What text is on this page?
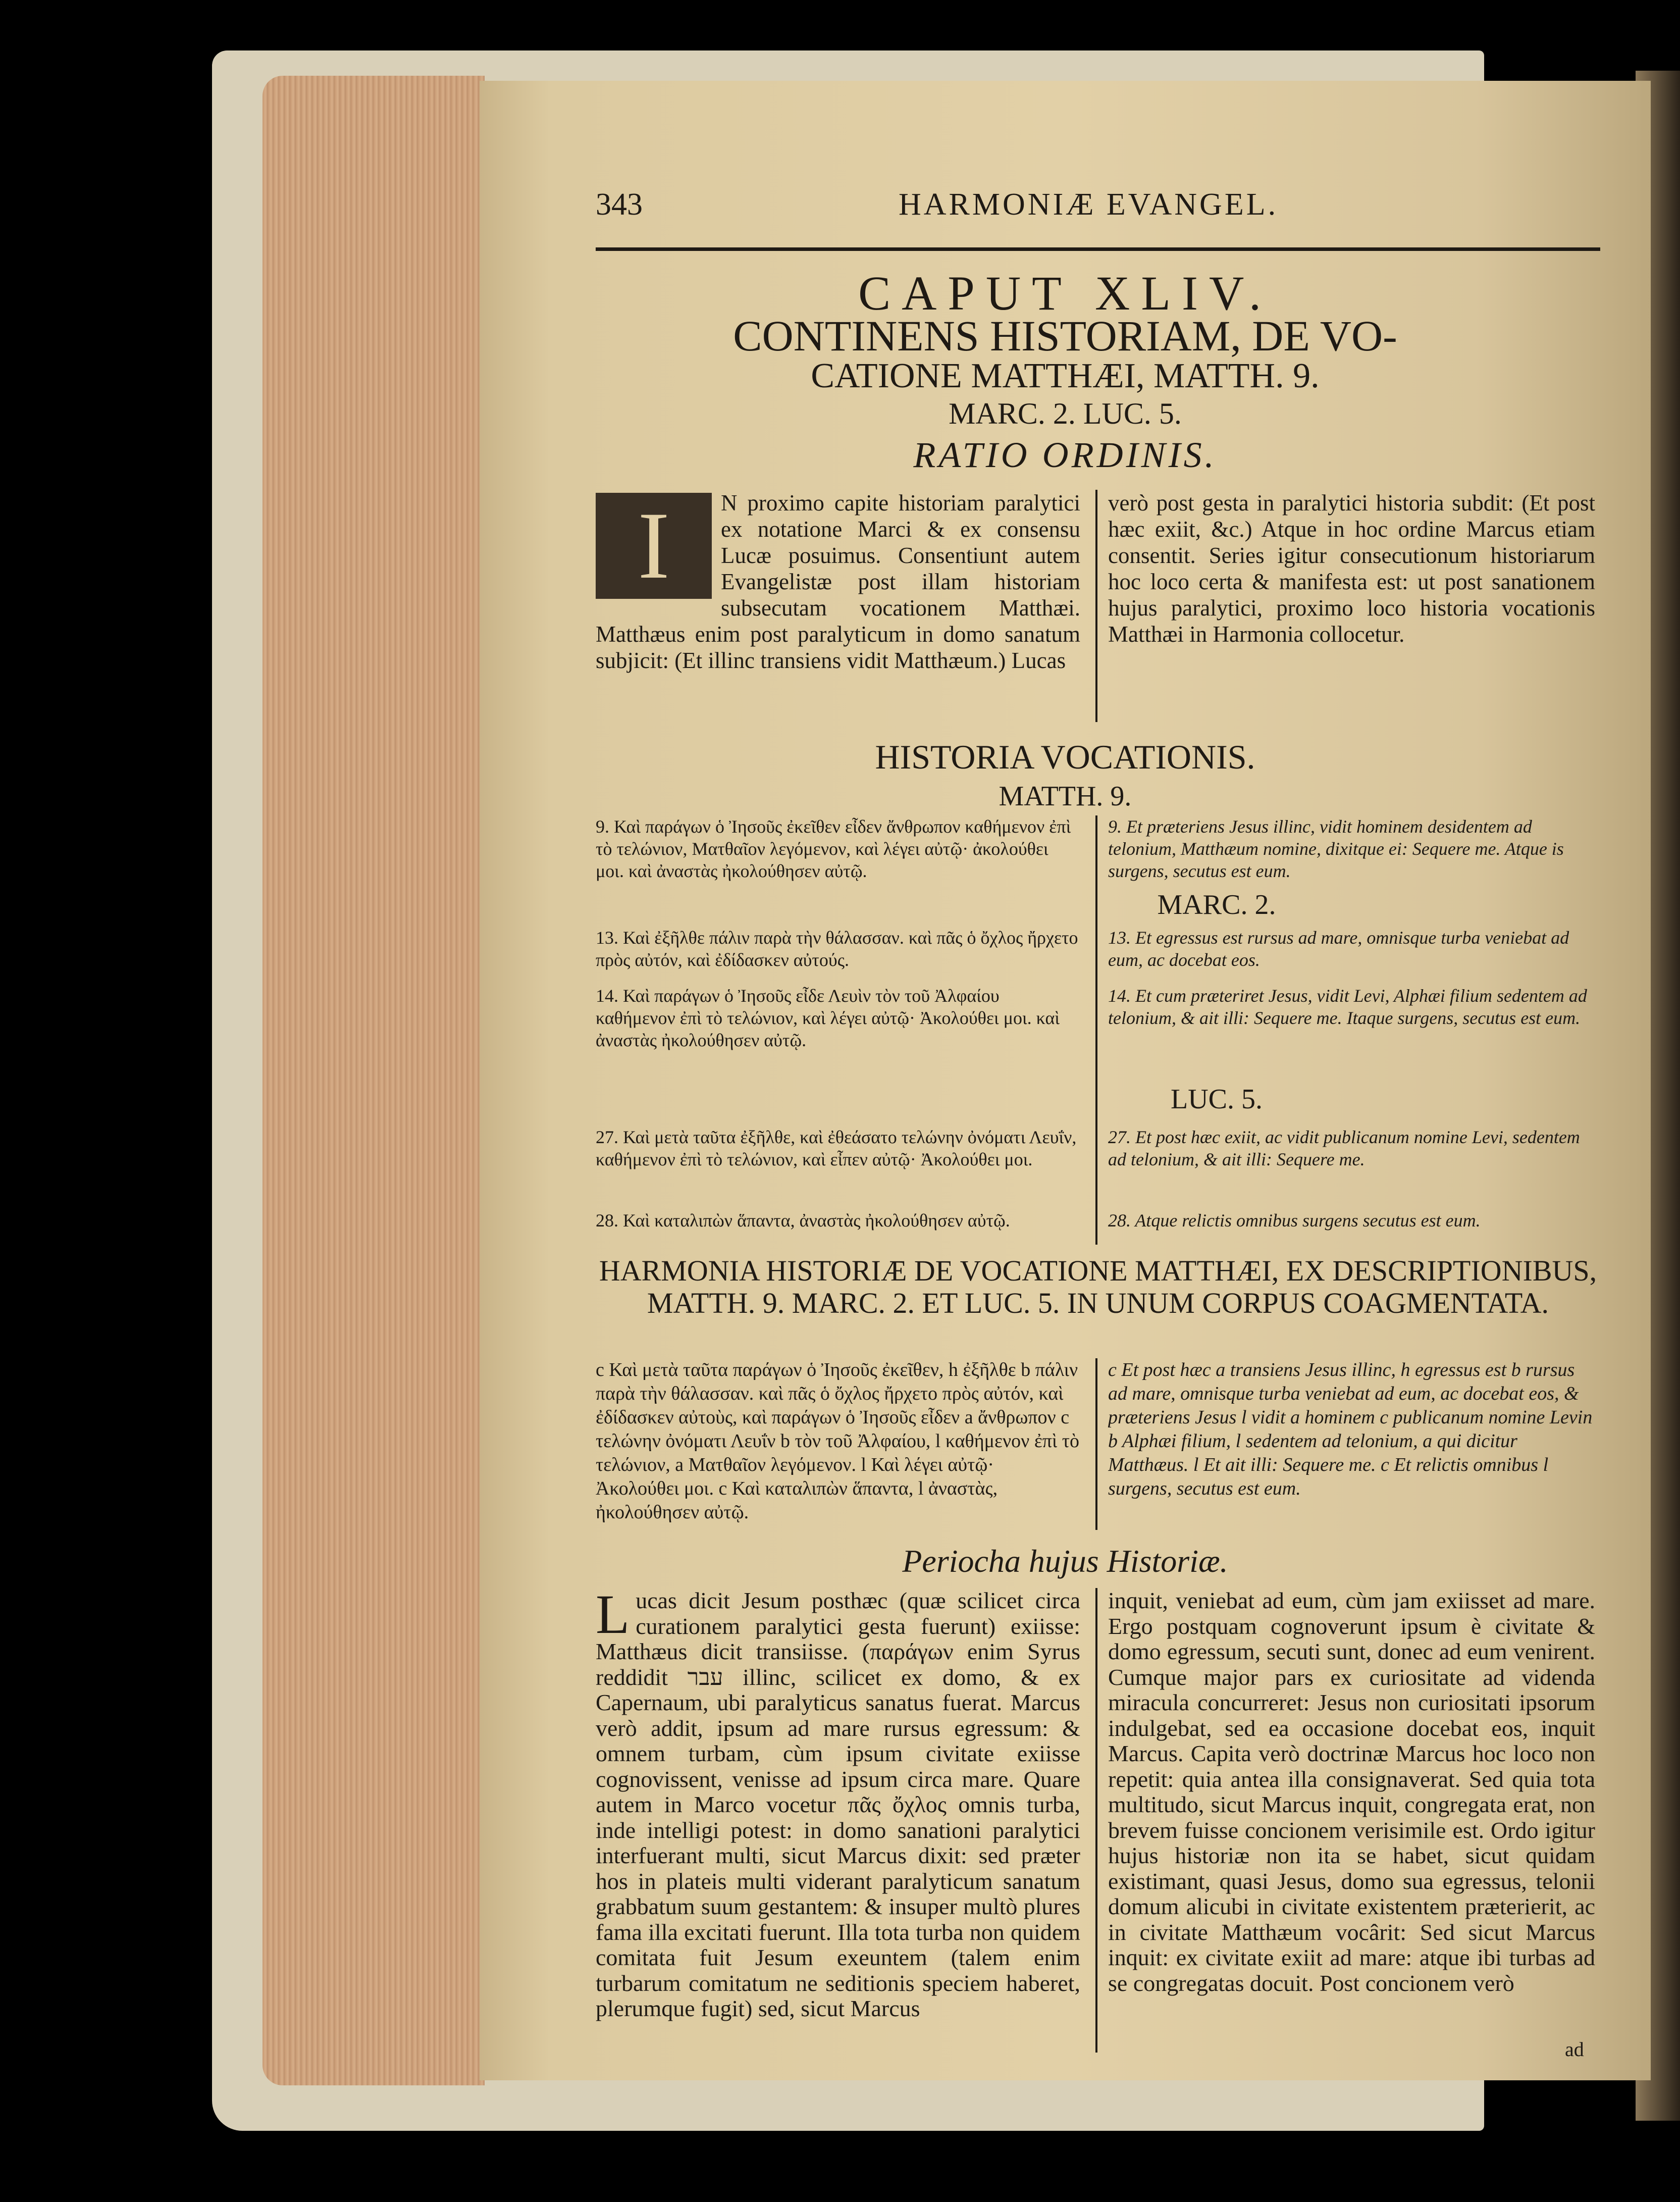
343	HARMONIÆ EVANGEL.
CAPUT XLIV.
CONTINENS HISTORIAM, DE VO-
CATIONE MATTHÆI, MATTH. 9.
MARC. 2. LUC. 5.
RATIO ORDINIS.
I	N proximo capite historiam paralytici ex notatione Marci & ex consensu Lucæ posuimus. Consentiunt autem Evangelistæ post illam historiam subsecutam vocationem Matthæi. Matthæus enim post paralyticum in domo sanatum subjicit: (Et illinc transiens vidit Matthæum.) Lucas
verò post gesta in paralytici historia subdit: (Et post hæc exiit, &c.) Atque in hoc ordine Marcus etiam consentit. Series igitur consecutionum historiarum hoc loco certa & manifesta est: ut post sanationem hujus paralytici, proximo loco historia vocationis Matthæi in Harmonia collocetur.
HISTORIA VOCATIONIS.
MATTH. 9.
9. Καὶ παράγων ὁ Ἰησοῦς ἐκεῖθεν εἶδεν ἄνθρωπον καθήμενον ἐπὶ τὸ τελώνιον, Ματθαῖον λεγόμενον, καὶ λέγει αὐτῷ· ἀκολούθει μοι. καὶ ἀναστὰς ἠκολούθησεν αὐτῷ.
9. Et præteriens Jesus illinc, vidit hominem desidentem ad telonium, Matthæum nomine, dixitque ei: Sequere me. Atque is surgens, secutus est eum.
MARC. 2.
13. Καὶ ἐξῆλθε πάλιν παρὰ τὴν θάλασσαν. καὶ πᾶς ὁ ὄχλος ἤρχετο πρὸς αὐτόν, καὶ ἐδίδασκεν αὐτούς.
13. Et egressus est rursus ad mare, omnisque turba veniebat ad eum, ac docebat eos.
14. Καὶ παράγων ὁ Ἰησοῦς εἶδε Λευὶν τὸν τοῦ Ἀλφαίου καθήμενον ἐπὶ τὸ τελώνιον, καὶ λέγει αὐτῷ· Ἀκολούθει μοι. καὶ ἀναστὰς ἠκολούθησεν αὐτῷ.
14. Et cum præteriret Jesus, vidit Levi, Alphæi filium sedentem ad telonium, & ait illi: Sequere me. Itaque surgens, secutus est eum.
LUC. 5.
27. Καὶ μετὰ ταῦτα ἐξῆλθε, καὶ ἐθεάσατο τελώνην ὀνόματι Λευΐν, καθήμενον ἐπὶ τὸ τελώνιον, καὶ εἶπεν αὐτῷ· Ἀκολούθει μοι.
27. Et post hæc exiit, ac vidit publicanum nomine Levi, sedentem ad telonium, & ait illi: Sequere me.
28. Καὶ καταλιπὼν ἅπαντα, ἀναστὰς ἠκολούθησεν αὐτῷ.	28. Atque relictis omnibus surgens secutus est eum.
HARMONIA HISTORIÆ DE VOCATIONE MATTHÆI, EX DESCRIPTIONIBUS, MATTH. 9. MARC. 2. ET LUC. 5. IN UNUM CORPUS COAGMENTATA.
c Καὶ μετὰ ταῦτα παράγων ὁ Ἰησοῦς ἐκεῖθεν, h ἐξῆλθε b πάλιν παρὰ τὴν θάλασσαν. καὶ πᾶς ὁ ὄχλος ἤρχετο πρὸς αὐτόν, καὶ ἐδίδασκεν αὐτοὺς, καὶ παράγων ὁ Ἰησοῦς εἶδεν a ἄνθρωπον c τελώνην ὀνόματι Λευΐν b τὸν τοῦ Ἀλφαίου, l καθήμενον ἐπὶ τὸ τελώνιον, a Ματθαῖον λεγόμενον. l Καὶ λέγει αὐτῷ· Ἀκολούθει μοι. c Καὶ καταλιπὼν ἅπαντα, l ἀναστὰς, ἠκολούθησεν αὐτῷ.
c Et post hæc a transiens Jesus illinc, h egressus est b rursus ad mare, omnisque turba veniebat ad eum, ac docebat eos, & præteriens Jesus l vidit a hominem c publicanum nomine Levin b Alphæi filium, l sedentem ad telonium, a qui dicitur Matthæus. l Et ait illi: Sequere me. c Et relictis omnibus l surgens, secutus est eum.
Periocha hujus Historiæ.
L ucas dicit Jesum posthæc (quæ scilicet circa curationem paralytici gesta fuerunt) exiisse: Matthæus dicit transiisse. (παράγων enim Syrus reddidit עבר illinc, scilicet ex domo, & ex Capernaum, ubi paralyticus sanatus fuerat. Marcus verò addit, ipsum ad mare rursus egressum: & omnem turbam, cùm ipsum civitate exiisse cognovissent, venisse ad ipsum circa mare. Quare autem in Marco vocetur πᾶς ὄχλος omnis turba, inde intelligi potest: in domo sanationi paralytici interfuerant multi, sicut Marcus dixit: sed præter hos in plateis multi viderant paralyticum sanatum grabbatum suum gestantem: & insuper multò plures fama illa excitati fuerunt. Illa tota turba non quidem comitata fuit Jesum exeuntem (talem enim turbarum comitatum ne seditionis speciem haberet, plerumque fugit) sed, sicut Marcus
inquit, veniebat ad eum, cùm jam exiisset ad mare. Ergo postquam cognoverunt ipsum è civitate & domo egressum, secuti sunt, donec ad eum venirent. Cumque major pars ex curiositate ad videnda miracula concurreret: Jesus non curiositati ipsorum indulgebat, sed ea occasione docebat eos, inquit Marcus. Capita verò doctrinæ Marcus hoc loco non repetit: quia antea illa consignaverat. Sed quia tota multitudo, sicut Marcus inquit, congregata erat, non brevem fuisse concionem verisimile est. Ordo igitur hujus historiæ non ita se habet, sicut quidam existimant, quasi Jesus, domo sua egressus, telonii domum alicubi in civitate existentem præterierit, ac in civitate Matthæum vocârit: Sed sicut Marcus inquit: ex civitate exiit ad mare: atque ibi turbas ad se congregatas docuit. Post concionem verò
ad
